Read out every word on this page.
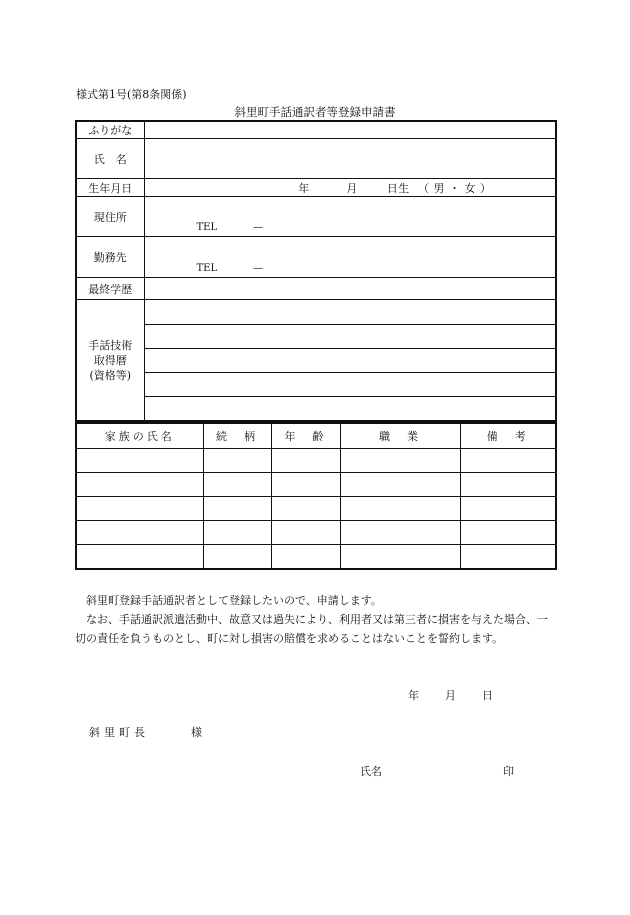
様式第1号(第8条関係)
斜里町手話通訳者等登録申請書
ふりがな	
氏　名	
生年月日	年 月 日生 （ 男 ・ 女 ）
現住所	TEL —

勤務先	TEL —

最終学歴	

手話技術
取得暦
(資格等)	

家族の氏名	続　柄	年　齢	職　業	備　考

斜里町登録手話通訳者として登録したいので、申請します。
なお、手話通訳派遣活動中、故意又は過失により、利用者又は第三者に損害を与えた場合、一切の責任を負うものとし、町に対し損害の賠償を求めることはないことを誓約します。
年 月 日
斜里町長	様
氏名	印
